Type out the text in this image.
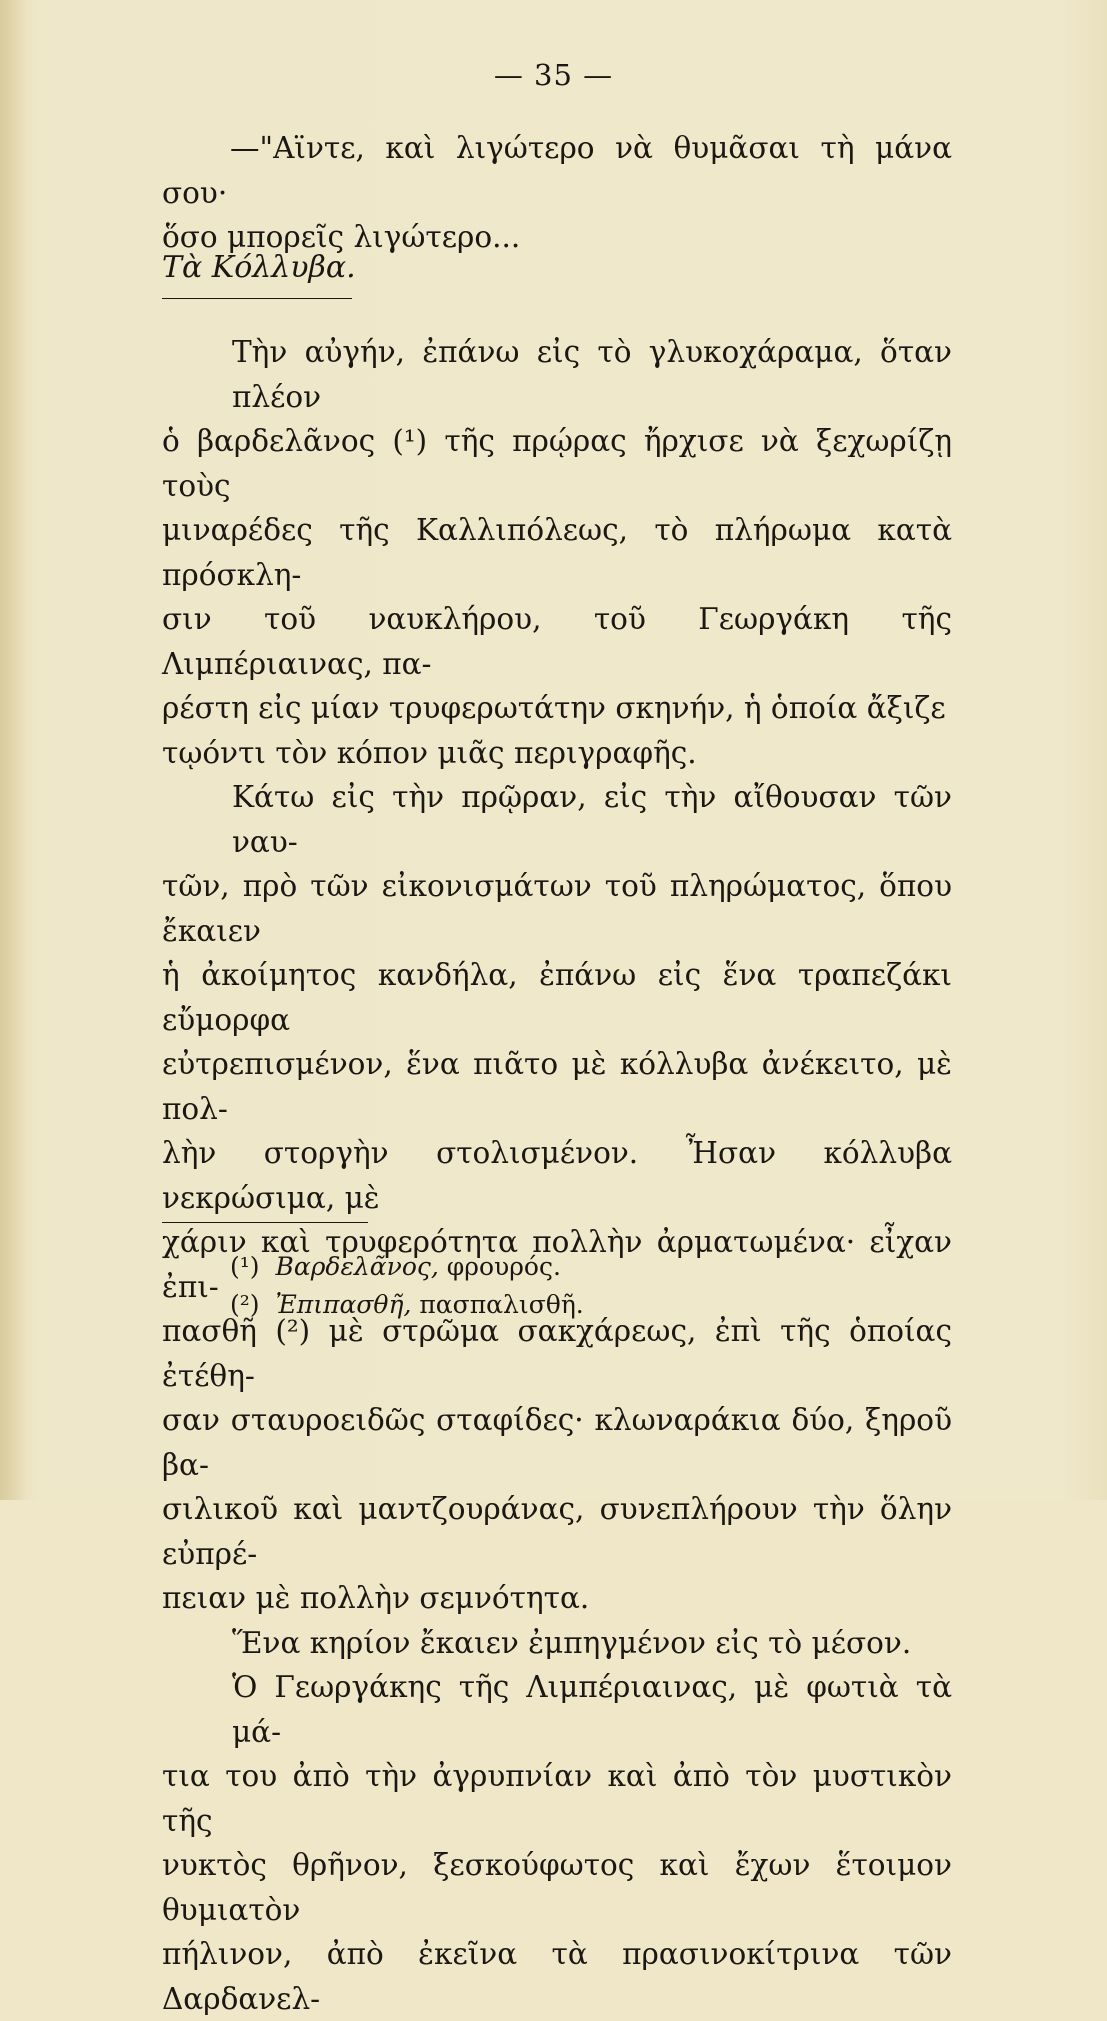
— 35 —

—"Αϊντε, καὶ λιγώτερο νὰ θυμᾶσαι τὴ μάνα σου·

ὅσο μπορεῖς λιγώτερο...

Τὰ Κόλλυβα.

Τὴν αὐγήν, ἐπάνω εἰς τὸ γλυκοχάραμα, ὅταν πλέον

ὁ βαρδελᾶνος (¹) τῆς πρῴρας ἤρχισε νὰ ξεχωρίζῃ τοὺς

μιναρέδες τῆς Καλλιπόλεως, τὸ πλήρωμα κατὰ πρόσκλη-

σιν τοῦ ναυκλήρου, τοῦ Γεωργάκη τῆς Λιμπέριαινας, πα-

ρέστη εἰς μίαν τρυφερωτάτην σκηνήν, ἡ ὁποία ἄξιζε

τῳόντι τὸν κόπον μιᾶς περιγραφῆς.

Κάτω εἰς τὴν πρῷραν, εἰς τὴν αἴθουσαν τῶν ναυ-

τῶν, πρὸ τῶν εἰκονισμάτων τοῦ πληρώματος, ὅπου ἔκαιεν

ἡ ἀκοίμητος κανδήλα, ἐπάνω εἰς ἕνα τραπεζάκι εὔμορφα

εὐτρεπισμένον, ἕνα πιᾶτο μὲ κόλλυβα ἀνέκειτο, μὲ πολ-

λὴν στοργὴν στολισμένον. Ἦσαν κόλλυβα νεκρώσιμα, μὲ

χάριν καὶ τρυφερότητα πολλὴν ἀρματωμένα· εἶχαν ἐπι-

πασθῆ (²) μὲ στρῶμα σακχάρεως, ἐπὶ τῆς ὁποίας ἐτέθη-

σαν σταυροειδῶς σταφίδες· κλωναράκια δύο, ξηροῦ βα-

σιλικοῦ καὶ μαντζουράνας, συνεπλήρουν τὴν ὅλην εὐπρέ-

πειαν μὲ πολλὴν σεμνότητα.

Ἕνα κηρίον ἔκαιεν ἐμπηγμένον εἰς τὸ μέσον.

Ὁ Γεωργάκης τῆς Λιμπέριαινας, μὲ φωτιὰ τὰ μά-

τια του ἀπὸ τὴν ἀγρυπνίαν καὶ ἀπὸ τὸν μυστικὸν τῆς

νυκτὸς θρῆνον, ξεσκούφωτος καὶ ἔχων ἕτοιμον θυμιατὸν

πήλινον, ἀπὸ ἐκεῖνα τὰ πρασινοκίτρινα τῶν Δαρδανελ-

(¹) Βαρδελᾶνος, φρουρός.
(²) Ἐπιπασθῆ, πασπαλισθῆ.
